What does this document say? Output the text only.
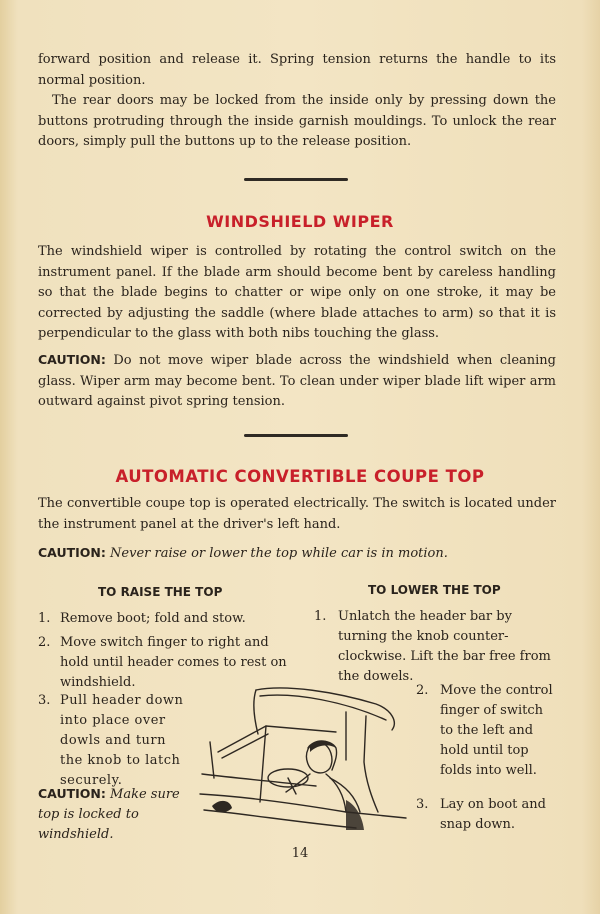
forward position and release it. Spring tension returns the handle to its normal position.

The rear doors may be locked from the inside only by pressing down the buttons protruding through the inside garnish mouldings. To unlock the rear doors, simply pull the buttons up to the release position.

WINDSHIELD WIPER

The windshield wiper is controlled by rotating the control switch on the instrument panel. If the blade arm should become bent by careless handling so that the blade begins to chatter or wipe only on one stroke, it may be corrected by adjusting the saddle (where blade attaches to arm) so that it is perpendicular to the glass with both nibs touching the glass.

CAUTION: Do not move wiper blade across the windshield when cleaning glass. Wiper arm may become bent. To clean under wiper blade lift wiper arm outward against pivot spring tension.

AUTOMATIC CONVERTIBLE COUPE TOP

The convertible coupe top is operated electrically. The switch is located under the instrument panel at the driver's left hand.

CAUTION: Never raise or lower the top while car is in motion.

TO RAISE THE TOP
1. Remove boot; fold and stow.
2. Move switch finger to right and hold until header comes to rest on windshield.
3. Pull header down into place over dowls and turn the knob to latch securely.

CAUTION: Make sure top is locked to windshield.

TO LOWER THE TOP
1. Unlatch the header bar by turning the knob counter-clockwise. Lift the bar free from the dowels.
2. Move the control finger of switch to the left and hold until top folds into well.
3. Lay on boot and snap down.
14
